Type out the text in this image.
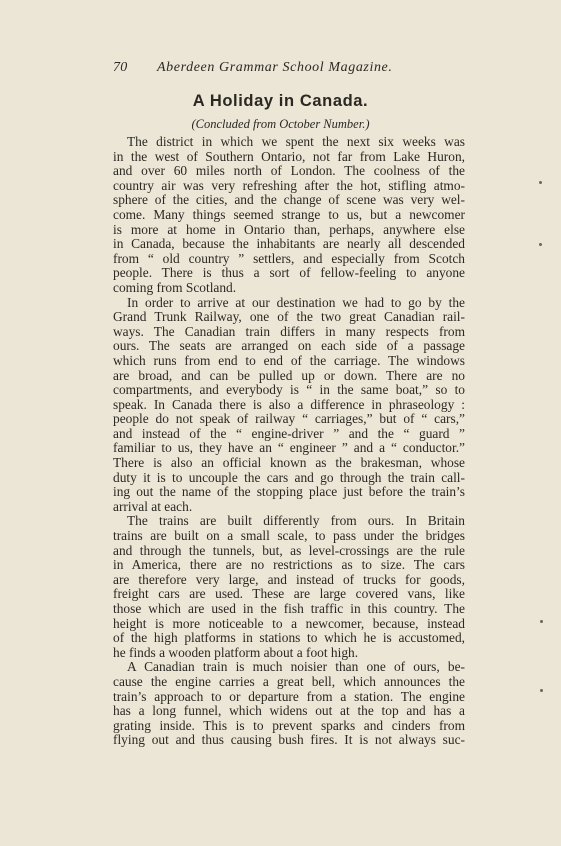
70 Aberdeen Grammar School Magazine.
A Holiday in Canada.
(Concluded from October Number.)
The district in which we spent the next six weeks was
in the west of Southern Ontario, not far from Lake Huron,
and over 60 miles north of London. The coolness of the
country air was very refreshing after the hot, stifling atmo-
sphere of the cities, and the change of scene was very wel-
come. Many things seemed strange to us, but a newcomer
is more at home in Ontario than, perhaps, anywhere else
in Canada, because the inhabitants are nearly all descended
from “ old country ” settlers, and especially from Scotch
people. There is thus a sort of fellow-feeling to anyone
coming from Scotland.
In order to arrive at our destination we had to go by the
Grand Trunk Railway, one of the two great Canadian rail-
ways. The Canadian train differs in many respects from
ours. The seats are arranged on each side of a passage
which runs from end to end of the carriage. The windows
are broad, and can be pulled up or down. There are no
compartments, and everybody is “ in the same boat,” so to
speak. In Canada there is also a difference in phraseology :
people do not speak of railway “ carriages,” but of “ cars,”
and instead of the “ engine-driver ” and the “ guard ”
familiar to us, they have an “ engineer ” and a “ conductor.”
There is also an official known as the brakesman, whose
duty it is to uncouple the cars and go through the train call-
ing out the name of the stopping place just before the train’s
arrival at each.
The trains are built differently from ours. In Britain
trains are built on a small scale, to pass under the bridges
and through the tunnels, but, as level-crossings are the rule
in America, there are no restrictions as to size. The cars
are therefore very large, and instead of trucks for goods,
freight cars are used. These are large covered vans, like
those which are used in the fish traffic in this country. The
height is more noticeable to a newcomer, because, instead
of the high platforms in stations to which he is accustomed,
he finds a wooden platform about a foot high.
A Canadian train is much noisier than one of ours, be-
cause the engine carries a great bell, which announces the
train’s approach to or departure from a station. The engine
has a long funnel, which widens out at the top and has a
grating inside. This is to prevent sparks and cinders from
flying out and thus causing bush fires. It is not always suc-
